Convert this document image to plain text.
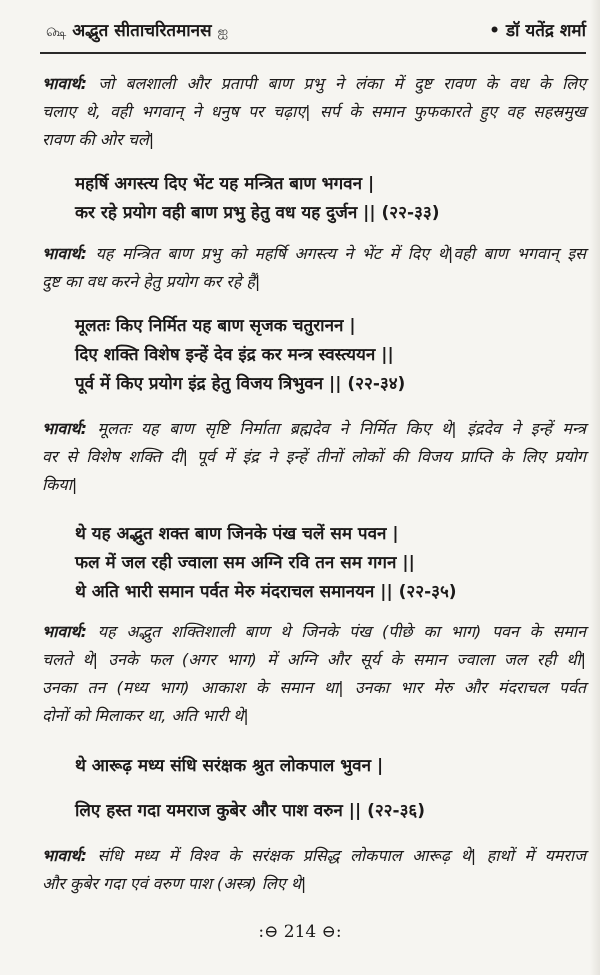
௸ अद्भुत सीताचरितमानस ஐ	• डॉ यतेंद्र शर्मा
भावार्थ: जो बलशाली और प्रतापी बाण प्रभु ने लंका में दुष्ट रावण के वध के लिए
चलाए थे, वही भगवान् ने धनुष पर चढ़ाए| सर्प के समान फुफकारते हुए वह सहस्रमुख
रावण की ओर चले|
महर्षि अगस्त्य दिए भेंट यह मन्त्रित बाण भगवन |
कर रहे प्रयोग वही बाण प्रभु हेतु वध यह दुर्जन || (२२-३३)
भावार्थ: यह मन्त्रित बाण प्रभु को महर्षि अगस्त्य ने भेंट में दिए थे|वही बाण भगवान् इस
दुष्ट का वध करने हेतु प्रयोग कर रहे हैं|
मूलतः किए निर्मित यह बाण सृजक चतुरानन |
दिए शक्ति विशेष इन्हें देव इंद्र कर मन्त्र स्वस्त्ययन ||
पूर्व में किए प्रयोग इंद्र हेतु विजय त्रिभुवन || (२२-३४)
भावार्थ: मूलतः यह बाण सृष्टि निर्माता ब्रह्मदेव ने निर्मित किए थे| इंद्रदेव ने इन्हें मन्त्र
वर से विशेष शक्ति दी| पूर्व में इंद्र ने इन्हें तीनों लोकों की विजय प्राप्ति के लिए प्रयोग
किया|
थे यह अद्भुत शक्त बाण जिनके पंख चलें सम पवन |
फल में जल रही ज्वाला सम अग्नि रवि तन सम गगन ||
थे अति भारी समान पर्वत मेरु मंदराचल समानयन || (२२-३५)
भावार्थ: यह अद्भुत शक्तिशाली बाण थे जिनके पंख (पीछे का भाग) पवन के समान
चलते थे| उनके फल (अगर भाग) में अग्नि और सूर्य के समान ज्वाला जल रही थी|
उनका तन (मध्य भाग) आकाश के समान था| उनका भार मेरु और मंदराचल पर्वत
दोनों को मिलाकर था, अति भारी थे|
थे आरूढ़ मध्य संधि सरंक्षक श्रुत लोकपाल भुवन |
लिए हस्त गदा यमराज कुबेर और पाश वरुन || (२२-३६)
भावार्थ: संधि मध्य में विश्व के सरंक्षक प्रसिद्ध लोकपाल आरूढ़ थे| हाथों में यमराज
और कुबेर गदा एवं वरुण पाश (अस्त्र) लिए थे|
:⊖ 214 ⊖:
